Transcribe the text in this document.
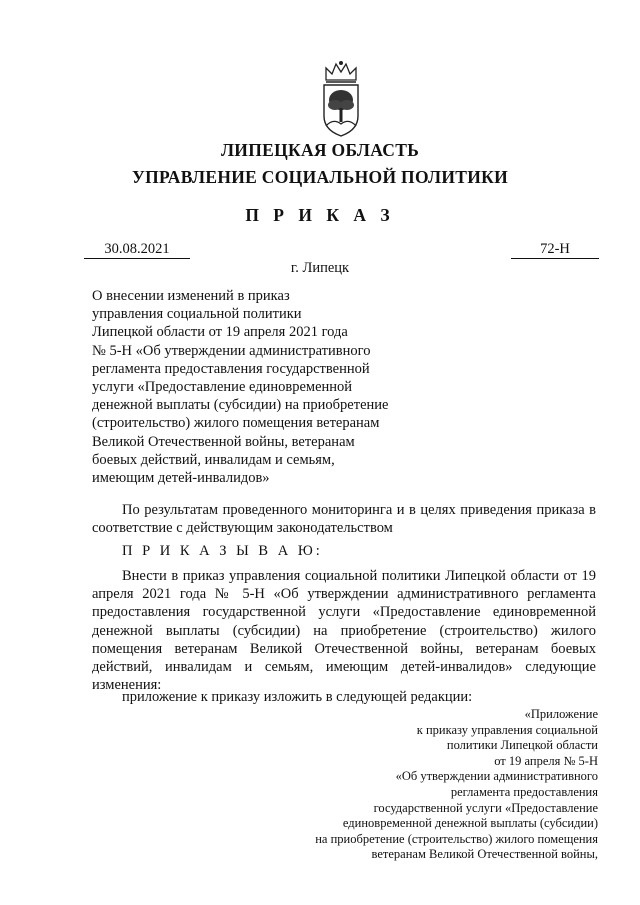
ЛИПЕЦКАЯ ОБЛАСТЬ
УПРАВЛЕНИЕ СОЦИАЛЬНОЙ ПОЛИТИКИ
П Р И К А З
30.08.2021	72-Н
г. Липецк
О внесении изменений в приказ
управления социальной политики
Липецкой области от 19 апреля 2021 года
№ 5-Н «Об утверждении административного
регламента предоставления государственной
услуги «Предоставление единовременной
денежной выплаты (субсидии) на приобретение
(строительство) жилого помещения ветеранам
Великой Отечественной войны, ветеранам
боевых действий, инвалидам и семьям,
имеющим детей-инвалидов»
По результатам проведенного мониторинга и в целях приведения приказа в соответствие с действующим законодательством
П Р И К А З Ы В А Ю:
Внести в приказ управления социальной политики Липецкой области от 19 апреля 2021 года № 5-Н «Об утверждении административного регламента предоставления государственной услуги «Предоставление единовременной денежной выплаты (субсидии) на приобретение (строительство) жилого помещения ветеранам Великой Отечественной войны, ветеранам боевых действий, инвалидам и семьям, имеющим детей-инвалидов» следующие изменения:
приложение к приказу изложить в следующей редакции:
«Приложение
к приказу управления социальной
политики Липецкой области
от 19 апреля № 5-Н
«Об утверждении административного
регламента предоставления
государственной услуги «Предоставление
единовременной денежной выплаты (субсидии)
на приобретение (строительство) жилого помещения
ветеранам Великой Отечественной войны,
